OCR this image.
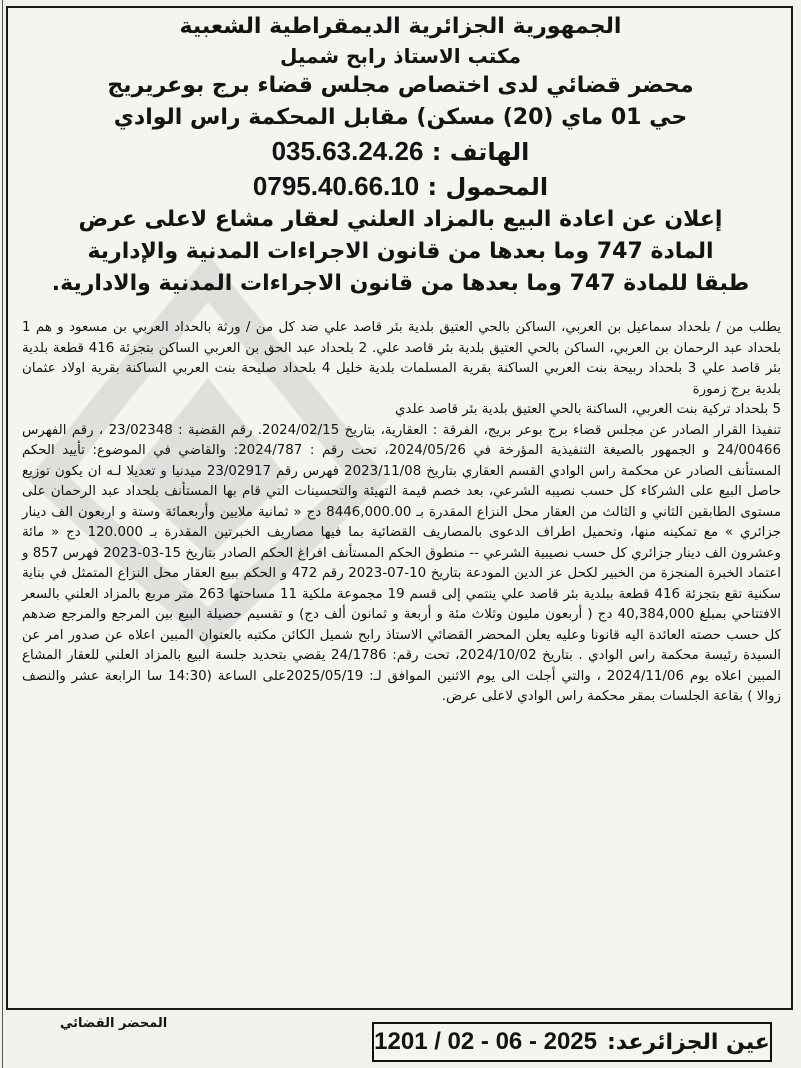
الجمهورية الجزائرية الديمقراطية الشعبية

مكتب الاستاذ رابح شميل

محضر قضائي لدى اختصاص مجلس قضاء برج بوعريريج

حي 01 ماي (20) مسكن) مقابل المحكمة راس الوادي

الهاتف : 035.63.24.26

المحمول : 0795.40.66.10

إعلان عن اعادة البيع بالمزاد العلني لعقار مشاع لاعلى عرض

المادة 747 وما بعدها من قانون الاجراءات المدنية والإدارية

طبقا للمادة 747 وما بعدها من قانون الاجراءات المدنية والادارية.

يطلب من / بلحداد سماعيل بن العربي، الساكن بالحي العتيق بلدية بئر قاصد علي ضد كل من / ورثة بالحداد العربي بن مسعود و هم 1 بلحداد عبد الرحمان بن العربي، الساكن بالحي العتيق بلدية بئر قاصد علي. 2 بلحداد عبد الحق بن العربي الساكن بتجزئة 416 قطعة بلدية بئر قاصد علي 3 بلحداد ربيحة بنت العربي الساكنة بقرية المسلمات بلدية خليل 4 بلحداد صليحة بنت العربي الساكنة بقرية اولاد عثمان بلدية برج زمورة

5 بلحداد تركية بنت العربي، الساكنة بالحي العتيق بلدية بئر قاصد علدي

تنفيذا القرار الصادر عن مجلس قضاء برج بوعر بريج، الفرقة : العقارية، بتاريخ 2024/02/15. رقم القضية : 23/02348 ، رقم الفهرس 24/00466 و الجمهور بالصيغة التنفيذية المؤرخة في 2024/05/26، تحت رقم : 2024/787: والقاضي في الموضوع: تأييد الحكم المستأنف الصادر عن محكمة راس الوادي القسم العقاري بتاريخ 2023/11/08 فهرس رقم 23/02917 ميدنيا و تعديلا لـه ان يكون توزيع حاصل البيع على الشركاء كل حسب نصيبه الشرعي، بعد خصم قيمة التهيئة والتحسينات التي قام بها المستأنف بلحداد عبد الرحمان على مستوى الطابقين الثاني و الثالث من العقار محل النزاع المقدرة بـ 8446,000.00 دج « ثمانية ملايين وأربعمائة وستة و اربعون الف دينار جزائري » مع تمكينه منها، وتحميل اطراف الدعوى بالمصاريف القضائية بما فيها مصاريف الخبرتين المقدرة بـ 120.000 دج « مائة وعشرون الف دينار جزائري كل حسب نصيبية الشرعي -- منطوق الحكم المستأنف افراغ الحكم الصادر بتاريخ 15-03-2023 فهرس 857 و اعتماد الخبرة المنجزة من الخبير لكحل عز الدين المودعة بتاريخ 10-07-2023 رقم 472 و الحكم ببيع العقار محل النزاع المتمثل في بناية سكنية تقع بتجزئة 416 قطعة ببلدية بئر قاصد علي ينتمي إلى قسم 19 مجموعة ملكية 11 مساحتها 263 متر مربع بالمزاد العلني بالسعر الافتتاحي بمبلغ 40,384,000 دج ( أربعون مليون وثلاث مئة و أربعة و ثمانون ألف دج) و تقسيم حصيلة البيع بين المرجع والمرجع ضدهم كل حسب حصته العائدة اليه قانونا وعليه يعلن المحضر القضائي الاستاذ رابح شميل الكائن مكتبه بالعنوان المبين اعلاه عن صدور امر عن السيدة رئيسة محكمة راس الوادي . بتاريخ 2024/10/02، تحت رقم: 24/1786 يقضي بتحديد جلسة البيع بالمزاد العلني للعقار المشاع المبين اعلاه يوم 2024/11/06 ، والتي أجلت الى يوم الاثنين الموافق لـ: 2025/05/19على الساعة (14:30 سا الرابعة عشر والنصف زوالا ) بقاعة الجلسات بمقر محكمة راس الوادي لاعلى عرض.

المحضر القضائي
عين الجزائرعد:
1201 / 02 - 06 - 2025
